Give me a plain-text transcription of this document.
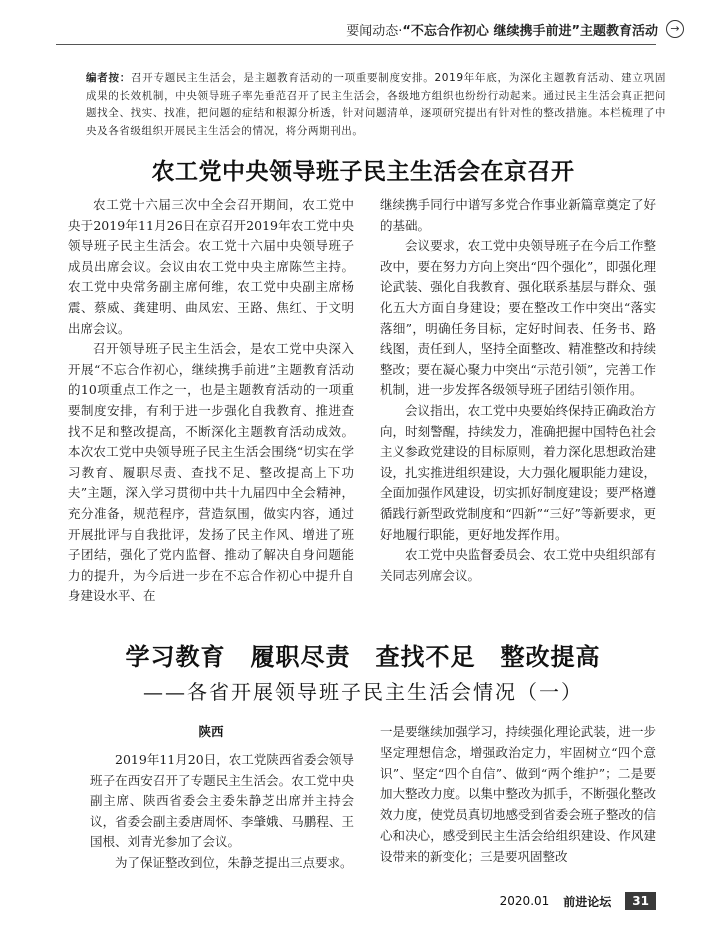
要闻动态·“不忘合作初心 继续携手前进”主题教育活动	→
编者按：召开专题民主生活会，是主题教育活动的一项重要制度安排。2019年年底，为深化主题教育活动、建立巩固成果的长效机制，中央领导班子率先垂范召开了民主生活会，各级地方组织也纷纷行动起来。通过民主生活会真正把问题找全、找实、找准，把问题的症结和根源分析透，针对问题清单，逐项研究提出有针对性的整改措施。本栏梳理了中央及各省级组织开展民主生活会的情况，将分两期刊出。
农工党中央领导班子民主生活会在京召开

农工党十六届三次中全会召开期间，农工党中央于2019年11月26日在京召开2019年农工党中央领导班子民主生活会。农工党十六届中央领导班子成员出席会议。会议由农工党中央主席陈竺主持。农工党中央常务副主席何维，农工党中央副主席杨震、蔡威、龚建明、曲凤宏、王路、焦红、于文明出席会议。

召开领导班子民主生活会，是农工党中央深入开展“不忘合作初心，继续携手前进”主题教育活动的10项重点工作之一，也是主题教育活动的一项重要制度安排，有利于进一步强化自我教育、推进查找不足和整改提高，不断深化主题教育活动成效。本次农工党中央领导班子民主生活会围绕“切实在学习教育、履职尽责、查找不足、整改提高上下功夫”主题，深入学习贯彻中共十九届四中全会精神，充分准备，规范程序，营造氛围，做实内容，通过开展批评与自我批评，发扬了民主作风、增进了班子团结，强化了党内监督、推动了解决自身问题能力的提升，为今后进一步在不忘合作初心中提升自身建设水平、在

继续携手同行中谱写多党合作事业新篇章奠定了好的基础。

会议要求，农工党中央领导班子在今后工作整改中，要在努力方向上突出“四个强化”，即强化理论武装、强化自我教育、强化联系基层与群众、强化五大方面自身建设；要在整改工作中突出“落实落细”，明确任务目标，定好时间表、任务书、路线图，责任到人，坚持全面整改、精准整改和持续整改；要在凝心聚力中突出“示范引领”，完善工作机制，进一步发挥各级领导班子团结引领作用。

会议指出，农工党中央要始终保持正确政治方向，时刻警醒，持续发力，准确把握中国特色社会主义参政党建设的目标原则，着力深化思想政治建设，扎实推进组织建设，大力强化履职能力建设，全面加强作风建设，切实抓好制度建设；要严格遵循践行新型政党制度和“四新”“三好”等新要求，更好地履行职能，更好地发挥作用。

农工党中央监督委员会、农工党中央组织部有关同志列席会议。

学习教育　履职尽责　查找不足　整改提高
——各省开展领导班子民主生活会情况（一）
陕西

2019年11月20日，农工党陕西省委会领导班子在西安召开了专题民主生活会。农工党中央副主席、陕西省委会主委朱静芝出席并主持会议，省委会副主委唐周怀、李肇娥、马鹏程、王国根、刘青光参加了会议。

为了保证整改到位，朱静芝提出三点要求。

一是要继续加强学习，持续强化理论武装，进一步坚定理想信念，增强政治定力，牢固树立“四个意识”、坚定“四个自信”、做到“两个维护”；二是要加大整改力度。以集中整改为抓手，不断强化整改效力度，使党员真切地感受到省委会班子整改的信心和决心，感受到民主生活会给组织建设、作风建设带来的新变化；三是要巩固整改

2020.01 前进论坛	31
